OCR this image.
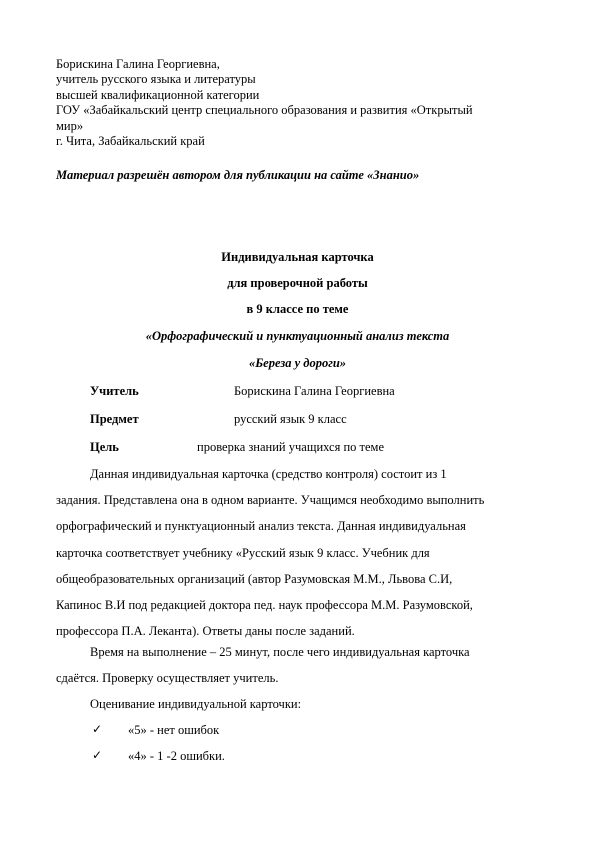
Борискина Галина Георгиевна,
учитель русского языка и литературы
высшей квалификационной категории
ГОУ «Забайкальский центр специального образования и развития «Открытый
мир»
г. Чита, Забайкальский край
Материал разрешён автором для публикации на сайте «Знанио»
Индивидуальная карточка
для проверочной работы
в 9 классе по теме
«Орфографический и пунктуационный анализ текста
«Береза у дороги»
Учитель	Борискина Галина Георгиевна
Предмет	русский язык 9 класс
Цель	проверка знаний учащихся по теме
Данная индивидуальная карточка (средство контроля) состоит из 1
задания. Представлена она в одном варианте. Учащимся необходимо выполнить
орфографический и пунктуационный анализ текста. Данная индивидуальная
карточка соответствует учебнику «Русский язык 9 класс. Учебник для
общеобразовательных организаций (автор Разумовская М.М., Львова С.И,
Капинос В.И под редакцией доктора пед. наук профессора М.М. Разумовской,
профессора П.А. Леканта). Ответы даны после заданий.
Время на выполнение – 25 минут, после чего индивидуальная карточка
сдаётся. Проверку осуществляет учитель.
Оценивание индивидуальной карточки:
✓ «5» - нет ошибок
✓ «4» - 1 -2 ошибки.
